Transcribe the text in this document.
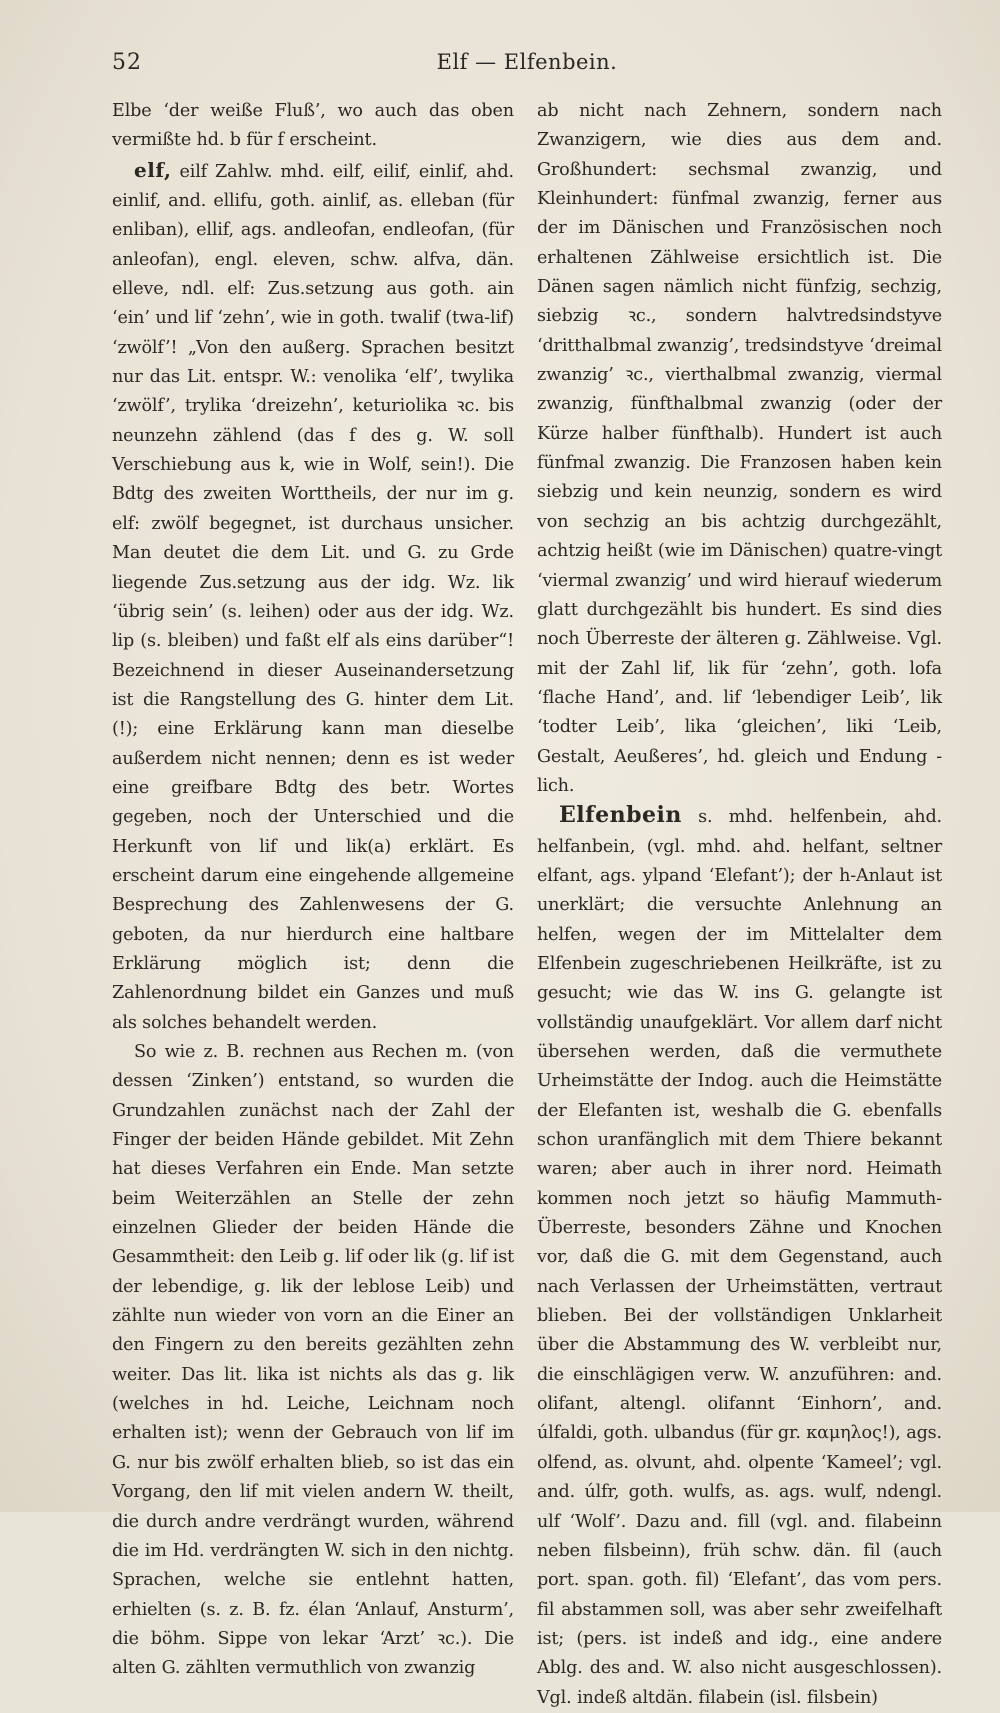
52	Elf — Elfenbein.

Elbe ‘der weiße Fluß’, wo auch das oben vermißte hd. b für f erscheint.

elf, eilf Zahlw. mhd. eilf, eilif, einlif, ahd. einlif, and. ellifu, goth. ainlif, as. elleban (für enliban), ellif, ags. andleofan, endleofan, (für anleofan), engl. eleven, schw. alfva, dän. elleve, ndl. elf: Zus.setzung aus goth. ain ‘ein’ und lif ‘zehn’, wie in goth. twalif (twa-lif) ‘zwölf’! „Von den außerg. Sprachen besitzt nur das Lit. entspr. W.: venolika ‘elf’, twylika ‘zwölf’, trylika ‘dreizehn’, keturiolika ꝛc. bis neunzehn zählend (das f des g. W. soll Verschiebung aus k, wie in Wolf, sein!). Die Bdtg des zweiten Worttheils, der nur im g. elf: zwölf begegnet, ist durchaus unsicher. Man deutet die dem Lit. und G. zu Grde liegende Zus.setzung aus der idg. Wz. lik ‘übrig sein’ (s. leihen) oder aus der idg. Wz. lip (s. bleiben) und faßt elf als eins darüber“! Bezeichnend in dieser Auseinandersetzung ist die Rangstellung des G. hinter dem Lit. (!); eine Erklärung kann man dieselbe außerdem nicht nennen; denn es ist weder eine greifbare Bdtg des betr. Wortes gegeben, noch der Unterschied und die Herkunft von lif und lik(a) erklärt. Es erscheint darum eine eingehende allgemeine Besprechung des Zahlenwesens der G. geboten, da nur hierdurch eine haltbare Erklärung möglich ist; denn die Zahlenordnung bildet ein Ganzes und muß als solches behandelt werden.

So wie z. B. rechnen aus Rechen m. (von dessen ‘Zinken’) entstand, so wurden die Grundzahlen zunächst nach der Zahl der Finger der beiden Hände gebildet. Mit Zehn hat dieses Verfahren ein Ende. Man setzte beim Weiterzählen an Stelle der zehn einzelnen Glieder der beiden Hände die Gesammtheit: den Leib g. lif oder lik (g. lif ist der lebendige, g. lik der leblose Leib) und zählte nun wieder von vorn an die Einer an den Fingern zu den bereits gezählten zehn weiter. Das lit. lika ist nichts als das g. lik (welches in hd. Leiche, Leichnam noch erhalten ist); wenn der Gebrauch von lif im G. nur bis zwölf erhalten blieb, so ist das ein Vorgang, den lif mit vielen andern W. theilt, die durch andre verdrängt wurden, während die im Hd. verdrängten W. sich in den nichtg. Sprachen, welche sie entlehnt hatten, erhielten (s. z. B. fz. élan ‘Anlauf, Ansturm’, die böhm. Sippe von lekar ‘Arzt’ ꝛc.). Die alten G. zählten vermuthlich von zwanzig

ab nicht nach Zehnern, sondern nach Zwanzigern, wie dies aus dem and. Großhundert: sechsmal zwanzig, und Kleinhundert: fünfmal zwanzig, ferner aus der im Dänischen und Französischen noch erhaltenen Zählweise ersichtlich ist. Die Dänen sagen nämlich nicht fünfzig, sechzig, siebzig ꝛc., sondern halvtredsindstyve ‘dritthalbmal zwanzig’, tredsindstyve ‘dreimal zwanzig’ ꝛc., vierthalbmal zwanzig, viermal zwanzig, fünfthalbmal zwanzig (oder der Kürze halber fünfthalb). Hundert ist auch fünfmal zwanzig. Die Franzosen haben kein siebzig und kein neunzig, sondern es wird von sechzig an bis achtzig durchgezählt, achtzig heißt (wie im Dänischen) quatre-vingt ‘viermal zwanzig’ und wird hierauf wiederum glatt durchgezählt bis hundert. Es sind dies noch Überreste der älteren g. Zählweise. Vgl. mit der Zahl lif, lik für ‘zehn’, goth. lofa ‘flache Hand’, and. lif ‘lebendiger Leib’, lik ‘todter Leib’, lika ‘gleichen’, liki ‘Leib, Gestalt, Aeußeres’, hd. gleich und Endung -lich.

Elfenbein s. mhd. helfenbein, ahd. helfanbein, (vgl. mhd. ahd. helfant, seltner elfant, ags. ylpand ‘Elefant’); der h-Anlaut ist unerklärt; die versuchte Anlehnung an helfen, wegen der im Mittelalter dem Elfenbein zugeschriebenen Heilkräfte, ist zu gesucht; wie das W. ins G. gelangte ist vollständig unaufgeklärt. Vor allem darf nicht übersehen werden, daß die vermuthete Urheimstätte der Indog. auch die Heimstätte der Elefanten ist, weshalb die G. ebenfalls schon uranfänglich mit dem Thiere bekannt waren; aber auch in ihrer nord. Heimath kommen noch jetzt so häufig Mammuth-Überreste, besonders Zähne und Knochen vor, daß die G. mit dem Gegenstand, auch nach Verlassen der Urheimstätten, vertraut blieben. Bei der vollständigen Unklarheit über die Abstammung des W. verbleibt nur, die einschlägigen verw. W. anzuführen: and. olifant, altengl. olifannt ‘Einhorn’, and. úlfaldi, goth. ulbandus (für gr. καμηλος!), ags. olfend, as. olvunt, ahd. olpente ‘Kameel’; vgl. and. úlfr, goth. wulfs, as. ags. wulf, ndengl. ulf ‘Wolf’. Dazu and. fill (vgl. and. filabeinn neben filsbeinn), früh schw. dän. fil (auch port. span. goth. fil) ‘Elefant’, das vom pers. fil abstammen soll, was aber sehr zweifelhaft ist; (pers. ist indeß and idg., eine andere Ablg. des and. W. also nicht ausgeschlossen). Vgl. indeß altdän. filabein (isl. filsbein)
